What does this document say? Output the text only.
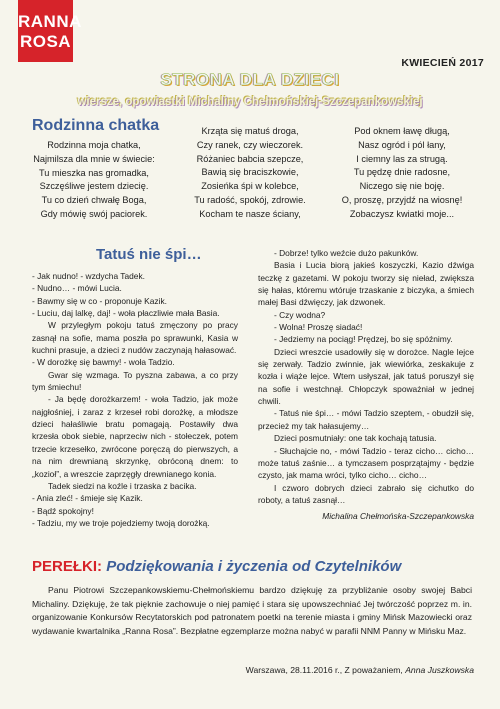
RANNA
ROSA
KWIECIEŃ 2017
STRONA DLA DZIECI
wiersze, opowiastki Michaliny Chełmońskiej-Szczepankowskiej
Rodzinna chatka
Rodzinna moja chatka,
Najmilsza dla mnie w świecie:
Tu mieszka nas gromadka,
Szczęśliwe jestem dziecię.
Tu co dzień chwałę Boga,
Gdy mówię swój paciorek.
Krząta się matuś droga,
Czy ranek, czy wieczorek.
Różaniec babcia szepcze,
Bawią się braciszkowie,
Zosieńka śpi w kolebce,
Tu radość, spokój, zdrowie.
Kocham te nasze ściany,
Pod oknem ławę długą,
Nasz ogród i pól łany,
I ciemny las za strugą.
Tu pędzę dnie radosne,
Niczego się nie boję.
O, proszę, przyjdź na wiosnę!
Zobaczysz kwiatki moje...
Tatuś nie śpi…

- Jak nudno! - wzdycha Tadek.

- Nudno… - mówi Lucia.

- Bawmy się w co - proponuje Kazik.

- Luciu, daj lalkę, daj! - woła płaczliwie mała Basia.

W przyległym pokoju tatuś zmęczony po pracy zasnął na sofie, mama poszła po sprawunki, Kasia w kuchni prasuje, a dzieci z nudów zaczynają hałasować.

- W dorożkę się bawmy! - woła Tadzio.

Gwar się wzmaga. To pyszna zabawa, a co przy tym śmiechu!

- Ja będę dorożkarzem! - woła Tadzio, jak może najgłośniej, i zaraz z krzeseł robi dorożkę, a młodsze dzieci hałaśliwie bratu pomagają. Postawiły dwa krzesła obok siebie, naprzeciw nich - stołeczek, potem trzecie krzesełko, zwrócone poręczą do pierwszych, a na nim drewnianą skrzynkę, obróconą dnem: to „kozioł”, a wreszcie zaprzęgły drewnianego konia.

Tadek siedzi na koźle i trzaska z bacika.

- Ania zleć! - śmieje się Kazik.

- Bądź spokojny!

- Tadziu, my we troje pojedziemy twoją dorożką.

- Dobrze! tylko weźcie dużo pakunków.

Basia i Lucia biorą jakieś koszyczki, Kazio dźwiga teczkę z gazetami. W pokoju tworzy się nieład, zwiększa się hałas, któremu wtóruje trzaskanie z biczyka, a śmiech małej Basi dźwięczy, jak dzwonek.

- Czy wodna?

- Wolna! Proszę siadać!

- Jedziemy na pociąg! Prędzej, bo się spóźnimy.

Dzieci wreszcie usadowiły się w dorożce. Nagle lejce się zerwały. Tadzio zwinnie, jak wiewiórka, zeskakuje z kozła i wiąże lejce. Wtem usłyszał, jak tatuś poruszył się na sofie i westchnął. Chłopczyk spoważniał w jednej chwili.

- Tatuś nie śpi… - mówi Tadzio szeptem, - obudził się, przecież my tak hałasujemy…

Dzieci posmutniały: one tak kochają tatusia.

- Słuchajcie no, - mówi Tadzio - teraz cicho… cicho… może tatuś zaśnie… a tymczasem posprzątajmy - będzie czysto, jak mama wróci, tylko cicho… cicho…

I czworo dobrych dzieci zabrało się cichutko do roboty, a tatuś zasnął…

Michalina Chełmońska-Szczepankowska

PEREŁKI: Podziękowania i życzenia od Czytelników

Panu Piotrowi Szczepankowskiemu-Chełmońskiemu bardzo dziękuję za przybliżanie osoby swojej Babci Michaliny. Dziękuję, że tak pięknie zachowuje o niej pamięć i stara się upowszechniać Jej twórczość poprzez m. in. organizowanie Konkursów Recytatorskich pod patronatem poetki na terenie miasta i gminy Mińsk Mazowiecki oraz wydawanie kwartalnika „Ranna Rosa”. Bezpłatne egzemplarze można nabyć w parafii NNM Panny w Mińsku Maz.

Warszawa, 28.11.2016 r., Z poważaniem, Anna Juszkowska
